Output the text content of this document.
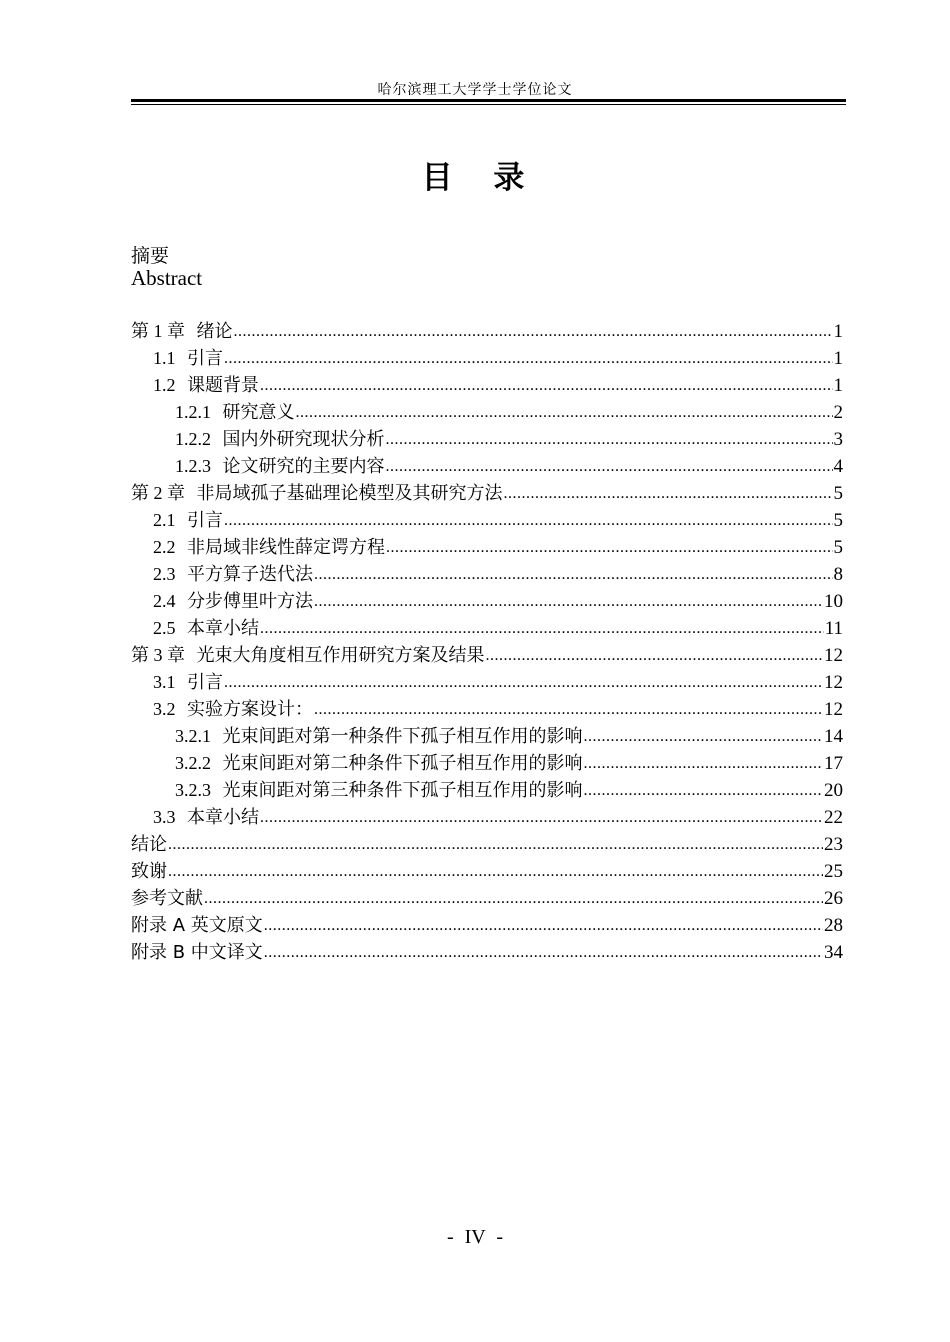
哈尔滨理工大学学士学位论文
目 录
摘要
Abstract
第 1 章 绪论 .....	1
1.1 引言 .....	1
1.2 课题背景 .....	1
1.2.1 研究意义 .....	2
1.2.2 国内外研究现状分析 .....	3
1.2.3 论文研究的主要内容 .....	4
第 2 章 非局域孤子基础理论模型及其研究方法 .....	5
2.1 引言 .....	5
2.2 非局域非线性薛定谔方程 .....	5
2.3 平方算子迭代法 .....	8
2.4 分步傅里叶方法 .....	10
2.5 本章小结 .....	11
第 3 章 光束大角度相互作用研究方案及结果 .....	12
3.1 引言 .....	12
3.2 实验方案设计： .....	12
3.2.1 光束间距对第一种条件下孤子相互作用的影响 .....	14
3.2.2 光束间距对第二种条件下孤子相互作用的影响 .....	17
3.2.3 光束间距对第三种条件下孤子相互作用的影响 .....	20
3.3 本章小结 .....	22
结论 .....	23
致谢 .....	25
参考文献 .....	26
附录 A 英文原文 .....	28
附录 B 中文译文 .....	34
- IV -
